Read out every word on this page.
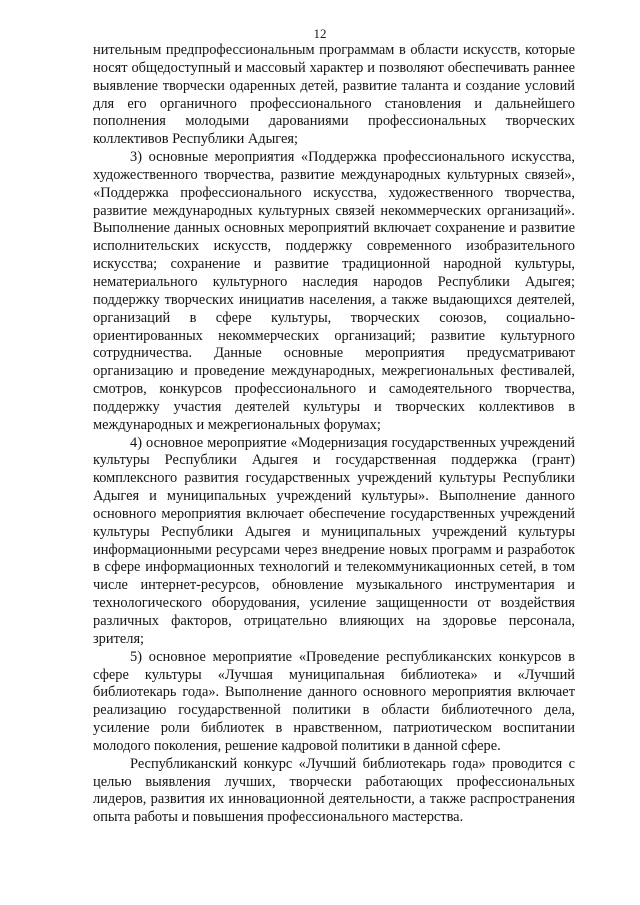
12

нительным предпрофессиональным программам в области искусств, которые носят общедоступный и массовый характер и позволяют обеспечивать раннее выявление творчески одаренных детей, развитие таланта и создание условий для его органичного профессионального становления и дальнейшего пополнения молодыми дарованиями профессиональных творческих коллективов Республики Адыгея;

3) основные мероприятия «Поддержка профессионального искусства, художественного творчества, развитие международных культурных связей», «Поддержка профессионального искусства, художественного творчества, развитие международных культурных связей некоммерческих организаций». Выполнение данных основных мероприятий включает сохранение и развитие исполнительских искусств, поддержку современного изобразительного искусства; сохранение и развитие традиционной народной культуры, нематериального культурного наследия народов Республики Адыгея; поддержку творческих инициатив населения, а также выдающихся деятелей, организаций в сфере культуры, творческих союзов, социально-ориентированных некоммерческих организаций; развитие культурного сотрудничества. Данные основные мероприятия предусматривают организацию и проведение международных, межрегиональных фестивалей, смотров, конкурсов профессионального и самодеятельного творчества, поддержку участия деятелей культуры и творческих коллективов в международных и межрегиональных форумах;

4) основное мероприятие «Модернизация государственных учреждений культуры Республики Адыгея и государственная поддержка (грант) комплексного развития государственных учреждений культуры Республики Адыгея и муниципальных учреждений культуры». Выполнение данного основного мероприятия включает обеспечение государственных учреждений культуры Республики Адыгея и муниципальных учреждений культуры информационными ресурсами через внедрение новых программ и разработок в сфере информационных технологий и телекоммуникационных сетей, в том числе интернет-ресурсов, обновление музыкального инструментария и технологического оборудования, усиление защищенности от воздействия различных факторов, отрицательно влияющих на здоровье персонала, зрителя;

5) основное мероприятие «Проведение республиканских конкурсов в сфере культуры «Лучшая муниципальная библиотека» и «Лучший библиотекарь года». Выполнение данного основного мероприятия включает реализацию государственной политики в области библиотечного дела, усиление роли библиотек в нравственном, патриотическом воспитании молодого поколения, решение кадровой политики в данной сфере.

Республиканский конкурс «Лучший библиотекарь года» проводится с целью выявления лучших, творчески работающих профессиональных лидеров, развития их инновационной деятельности, а также распространения опыта работы и повышения профессионального мастерства.
